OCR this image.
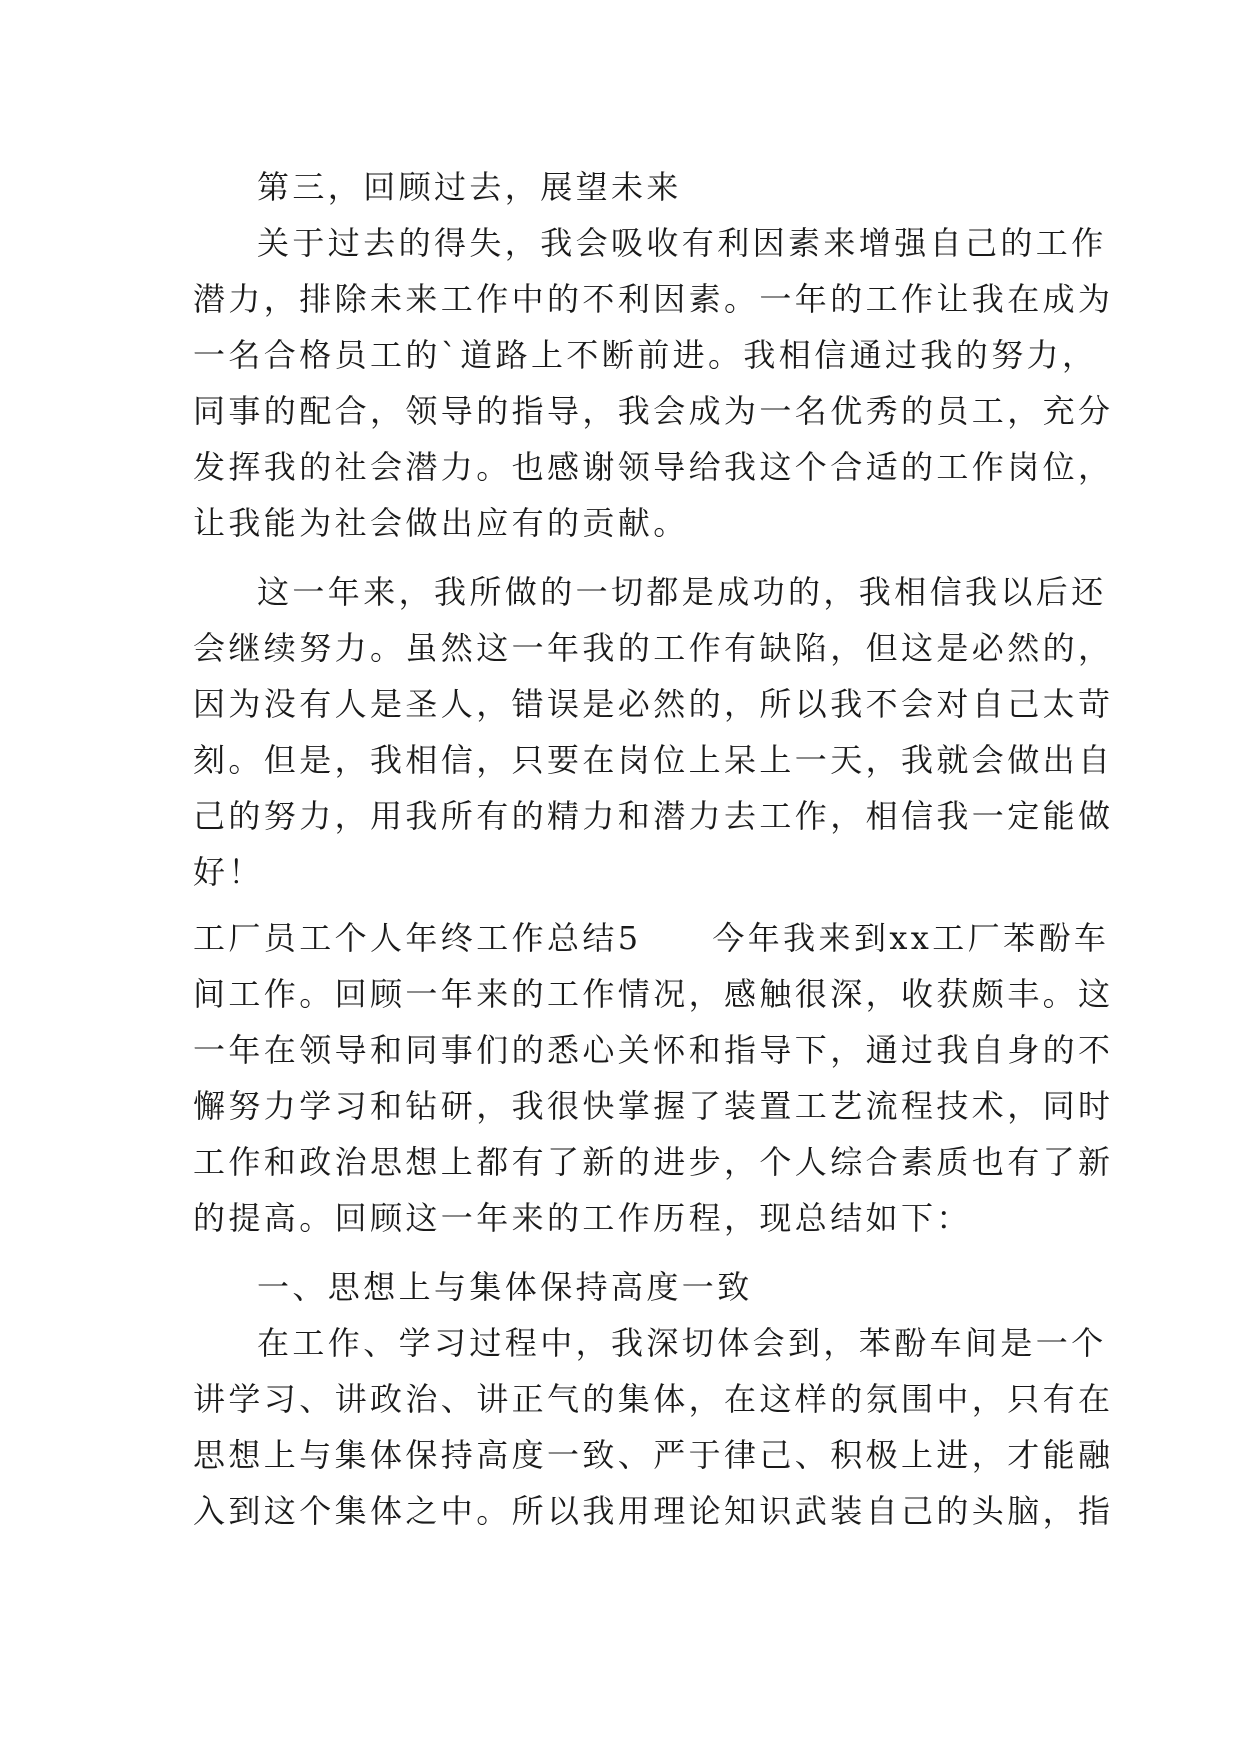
第三，回顾过去，展望未来
关于过去的得失，我会吸收有利因素来增强自己的工作
潜力，排除未来工作中的不利因素。一年的工作让我在成为
一名合格员工的`道路上不断前进。我相信通过我的努力，
同事的配合，领导的指导，我会成为一名优秀的员工，充分
发挥我的社会潜力。也感谢领导给我这个合适的工作岗位，
让我能为社会做出应有的贡献。
这一年来，我所做的一切都是成功的，我相信我以后还
会继续努力。虽然这一年我的工作有缺陷，但这是必然的，
因为没有人是圣人，错误是必然的，所以我不会对自己太苛
刻。但是，我相信，只要在岗位上呆上一天，我就会做出自
己的努力，用我所有的精力和潜力去工作，相信我一定能做
好！
工厂员工个人年终工作总结5　　今年我来到xx工厂苯酚车
间工作。回顾一年来的工作情况，感触很深，收获颇丰。这
一年在领导和同事们的悉心关怀和指导下，通过我自身的不
懈努力学习和钻研，我很快掌握了装置工艺流程技术，同时
工作和政治思想上都有了新的进步，个人综合素质也有了新
的提高。回顾这一年来的工作历程，现总结如下：
一、思想上与集体保持高度一致
在工作、学习过程中，我深切体会到，苯酚车间是一个
讲学习、讲政治、讲正气的集体，在这样的氛围中，只有在
思想上与集体保持高度一致、严于律己、积极上进，才能融
入到这个集体之中。所以我用理论知识武装自己的头脑，指
